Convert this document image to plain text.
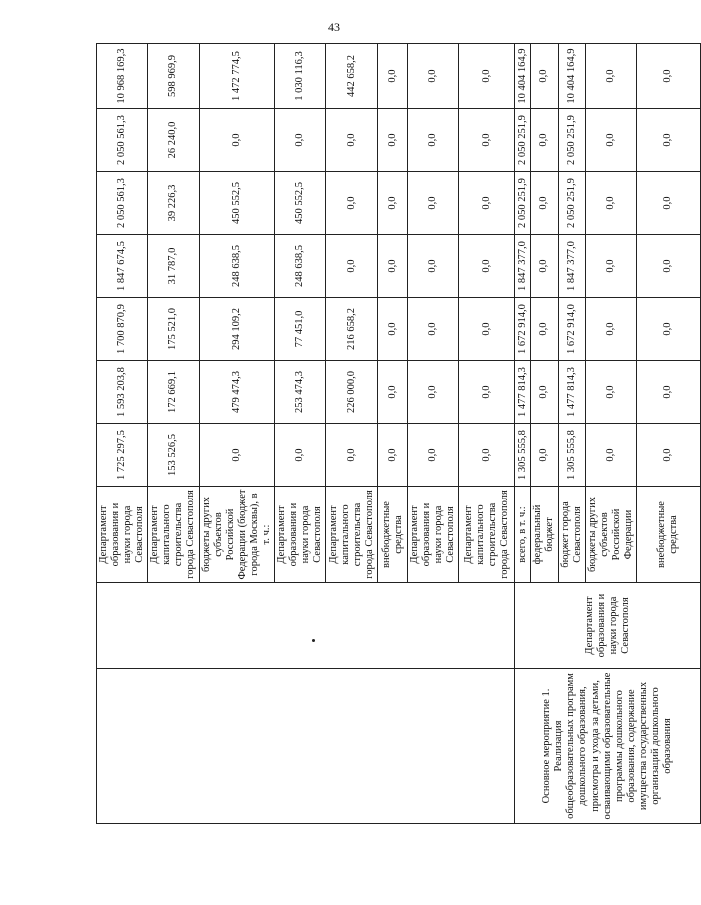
43
		Департамент образования и науки города Севастополя	1 725 297,5	1 593 203,8	1 700 870,9	1 847 674,5	2 050 561,3	2 050 561,3	10 968 169,3
		Департамент капитального строительства города Севастополя	153 526,5	172 669,1	175 521,0	31 787,0	39 226,3	26 240,0	598 969,9
		бюджеты других субъектов Российской Федерации (бюджет города Москвы), в т. ч.:	0,0	479 474,3	294 109,2	248 638,5	450 552,5	0,0	1 472 774,5
		Департамент образования и науки города Севастополя	0,0	253 474,3	77 451,0	248 638,5	450 552,5	0,0	1 030 116,3
		Департамент капитального строительства города Севастополя	0,0	226 000,0	216 658,2	0,0	0,0	0,0	442 658,2
		внебюджетные средства	0,0	0,0	0,0	0,0	0,0	0,0	0,0
		Департамент образования и науки города Севастополя	0,0	0,0	0,0	0,0	0,0	0,0	0,0
		Департамент капитального строительства города Севастополя	0,0	0,0	0,0	0,0	0,0	0,0	0,0
Основное мероприятие 1. Реализация общеобразовательных программ дошкольного образования, присмотра и ухода за детьми, осваивающими образовательные программы дошкольного образования, содержание имущества государственных организаций дошкольного образования	Департамент образования и науки города Севастополя	всего, в т. ч.:	1 305 555,8	1 477 814,3	1 672 914,0	1 847 377,0	2 050 251,9	2 050 251,9	10 404 164,9
		федеральный бюджет	0,0	0,0	0,0	0,0	0,0	0,0	0,0
		бюджет города Севастополя	1 305 555,8	1 477 814,3	1 672 914,0	1 847 377,0	2 050 251,9	2 050 251,9	10 404 164,9
		бюджеты других субъектов Российской Федерации	0,0	0,0	0,0	0,0	0,0	0,0	0,0
		внебюджетные средства	0,0	0,0	0,0	0,0	0,0	0,0	0,0
